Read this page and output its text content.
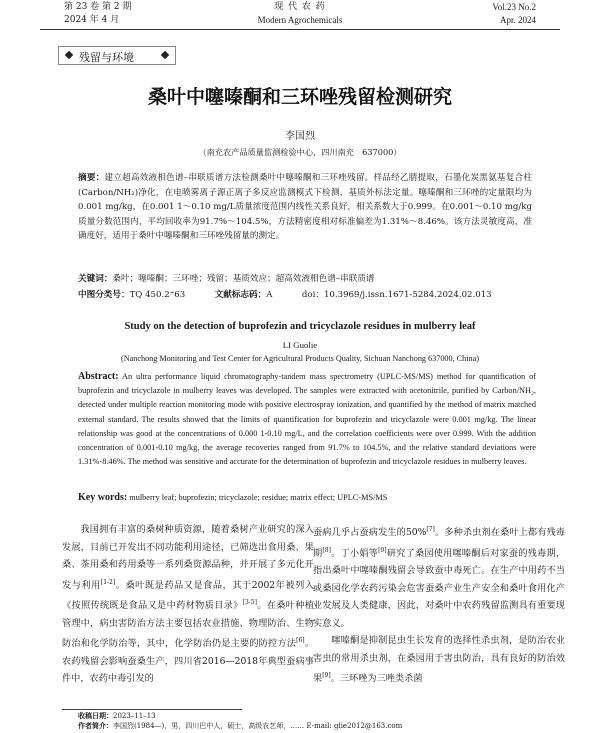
第 23 卷 第 2 期
2024 年 4 月
现 代 农 药
Modern Agrochemicals
Vol.23 No.2
Apr. 2024
残留与环境
桑叶中噻嗪酮和三环唑残留检测研究
李国烈
（南充农产品质量监测检验中心，四川南充　637000）
摘要：建立超高效液相色谱–串联质谱方法检测桑叶中噻嗪酮和三环唑残留。样品经乙腈提取，石墨化炭黑氨基复合柱(Carbon/NH₂)净化，在电喷雾离子源正离子多反应监测模式下检测，基质外标法定量。噻嗪酮和三环唑的定量限均为0.001 mg/kg，在0.001 1～0.10 mg/L质量浓度范围内线性关系良好，相关系数大于0.999。在0.001～0.10 mg/kg质量分数范围内，平均回收率为91.7%～104.5%，方法精密度相对标准偏差为1.31%～8.46%。该方法灵敏度高，准确度好，适用于桑叶中噻嗪酮和三环唑残留量的测定。
关键词：桑叶；噻嗪酮；三环唑；残留；基质效应；超高效液相色谱–串联质谱
中图分类号：TQ 450.2⁺63	文献标志码：A	doi：10.3969/j.issn.1671-5284.2024.02.013
Study on the detection of buprofezin and tricyclazole residues in mulberry leaf
LI Guolie
(Nanchong Monitoring and Test Center for Agricultural Products Quality, Sichuan Nanchong 637000, China)
Abstract: An ultra performance liquid chromatography-tandem mass spectrometry (UPLC-MS/MS) method for quantification of buprofezin and tricyclazole in mulberry leaves was developed. The samples were extracted with acetonitrile, purified by Carbon/NH₂, detected under multiple reaction monitoring mode with positive electrospray ionization, and quantified by the method of matrix matched external standard. The results showed that the limits of quantification for buprofezin and tricyclazole were 0.001 mg/kg. The linear relationship was good at the concentrations of 0.000 1-0.10 mg/L, and the correlation coefficients were over 0.999. With the addition concentration of 0.001-0.10 mg/kg, the average recoveries ranged from 91.7% to 104.5%, and the relative standard deviations were 1.31%-8.46%. The method was sensitive and accurate for the determination of buprofezin and tricyclazole residues in mulberry leaves.
Key words: mulberry leaf; buprofezin; tricyclazole; residue; matrix effect; UPLC-MS/MS

我国拥有丰富的桑树种质资源，随着桑树产业研究的深入发展，目前已开发出不同功能利用途径，已筛选出食用桑、果桑、茶用桑和药用桑等一系列桑资源品种，并开展了多元化开发与利用[1-2]。桑叶既是药品又是食品，其于2002年被列入《按照传统既是食品又是中药材物质目录》[3-5]。在桑叶种植管理中，病虫害防治方法主要包括农业措施、物理防治、生物防治和化学防治等，其中，化学防治仍是主要的防控方法[6]。农药残留会影响蚕桑生产，四川省2016—2018年典型蚕病事件中，农药中毒引发的

蚕病几乎占蚕病发生的50%[7]。多种杀虫剂在桑叶上都有残毒期[8]。丁小娟等[9]研究了桑园使用噻嗪酮后对家蚕的残毒期，指出桑叶中噻嗪酮残留会导致蚕中毒死亡。在生产中用药不当或桑园化学农药污染会危害蚕桑产业生产安全和桑叶食用化产业发展及人类健康，因此，对桑叶中农药残留监测具有重要现实意义。

噻嗪酮是抑制昆虫生长发育的选择性杀虫剂，是防治农业害虫的常用杀虫剂，在桑园用于害虫防治，具有良好的防治效果[9]。三环唑为三唑类杀菌

收稿日期：2023–11–13
作者简介：李国烈(1984—)，男，四川巴中人，硕士，高级农艺师，…… E-mail: glie2012@163.com
